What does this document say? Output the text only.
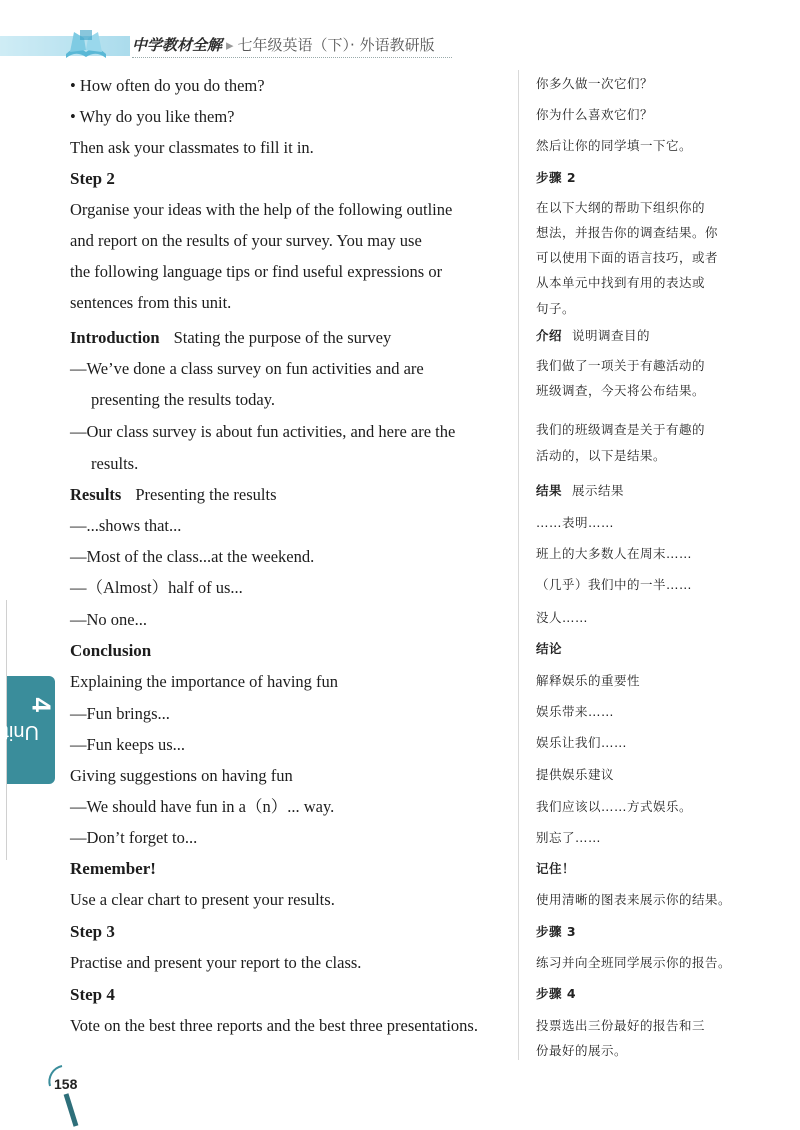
中学教材全解 ▸ 七年级英语（下）· 外语教研版
• How often do you do them?
• Why do you like them?
Then ask your classmates to fill it in.
Step 2
Organise your ideas with the help of the following outline
and report on the results of your survey. You may use
the following language tips or find useful expressions or
sentences from this unit.
Introduction Stating the purpose of the survey
—We’ve done a class survey on fun activities and are
presenting the results today.
—Our class survey is about fun activities, and here are the
results.
Results Presenting the results
—...shows that...
—Most of the class...at the weekend.
—（Almost）half of us...
—No one...
Conclusion
Explaining the importance of having fun
—Fun brings...
—Fun keeps us...
Giving suggestions on having fun
—We should have fun in a（n）... way.
—Don’t forget to...
Remember!
Use a clear chart to present your results.
Step 3
Practise and present your report to the class.
Step 4
Vote on the best three reports and the best three presentations.
你多久做一次它们？
你为什么喜欢它们？
然后让你的同学填一下它。
步骤 2
在以下大纲的帮助下组织你的
想法，并报告你的调查结果。你
可以使用下面的语言技巧，或者
从本单元中找到有用的表达或
句子。
介绍 说明调查目的
我们做了一项关于有趣活动的
班级调查，今天将公布结果。
我们的班级调查是关于有趣的
活动的，以下是结果。
结果 展示结果
……表明……
班上的大多数人在周末……
（几乎）我们中的一半……
没人……
结论
解释娱乐的重要性
娱乐带来……
娱乐让我们……
提供娱乐建议
我们应该以……方式娱乐。
别忘了……
记住！
使用清晰的图表来展示你的结果。
步骤 3
练习并向全班同学展示你的报告。
步骤 4
投票选出三份最好的报告和三
份最好的展示。
Unit
4
158
